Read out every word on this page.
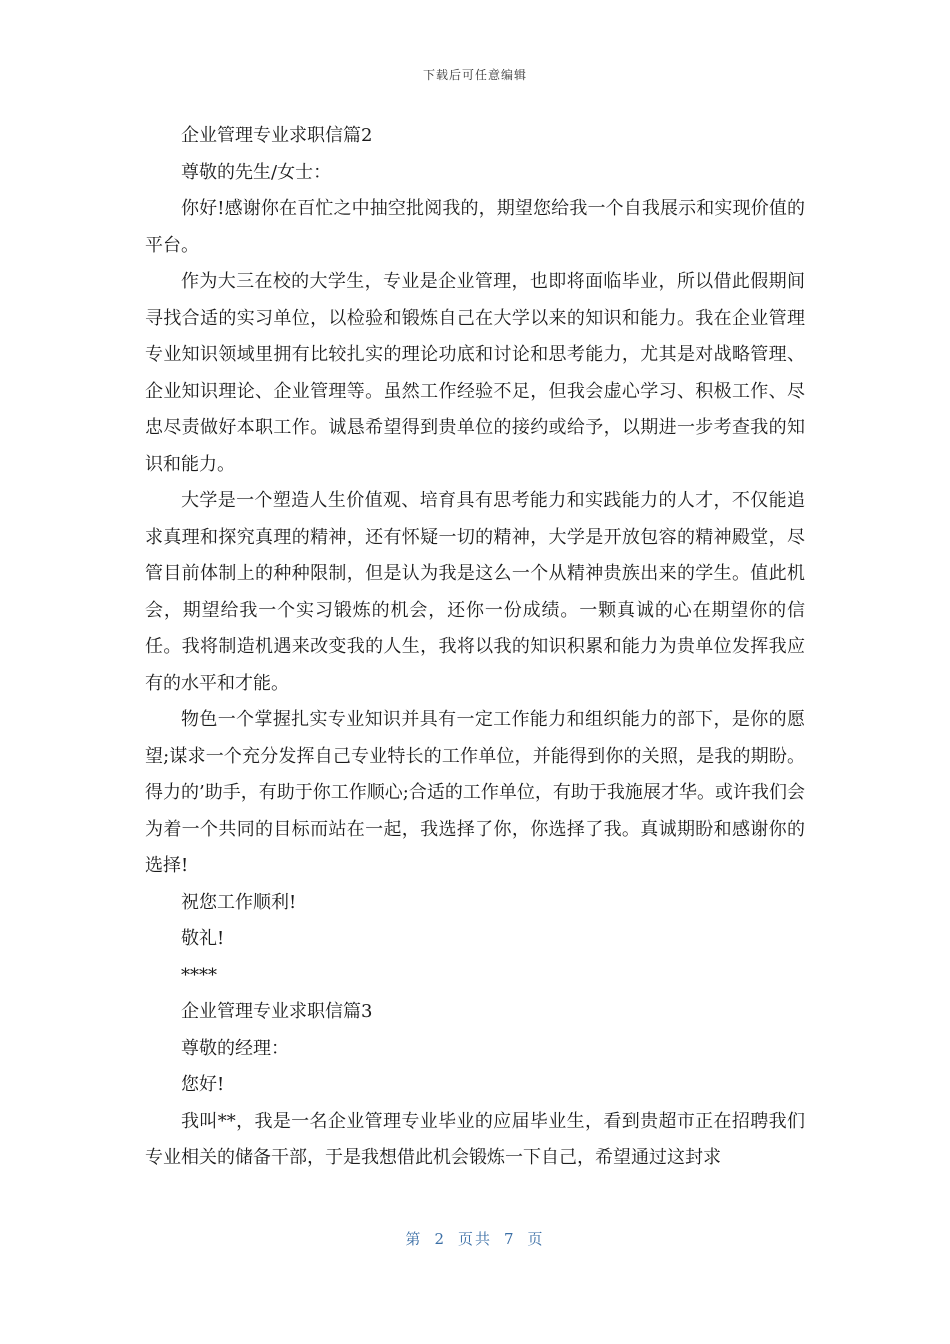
下载后可任意编辑

企业管理专业求职信篇2

尊敬的先生/女士：

你好!感谢你在百忙之中抽空批阅我的，期望您给我一个自我展示和实现价值的平台。

作为大三在校的大学生，专业是企业管理，也即将面临毕业，所以借此假期间寻找合适的实习单位，以检验和锻炼自己在大学以来的知识和能力。我在企业管理专业知识领域里拥有比较扎实的理论功底和讨论和思考能力，尤其是对战略管理、企业知识理论、企业管理等。虽然工作经验不足，但我会虚心学习、积极工作、尽忠尽责做好本职工作。诚恳希望得到贵单位的接约或给予，以期进一步考查我的知识和能力。

大学是一个塑造人生价值观、培育具有思考能力和实践能力的人才，不仅能追求真理和探究真理的精神，还有怀疑一切的精神，大学是开放包容的精神殿堂，尽管目前体制上的种种限制，但是认为我是这么一个从精神贵族出来的学生。值此机会，期望给我一个实习锻炼的机会，还你一份成绩。一颗真诚的心在期望你的信任。我将制造机遇来改变我的人生，我将以我的知识积累和能力为贵单位发挥我应有的水平和才能。

物色一个掌握扎实专业知识并具有一定工作能力和组织能力的部下，是你的愿望;谋求一个充分发挥自己专业特长的工作单位，并能得到你的关照，是我的期盼。得力的’助手，有助于你工作顺心;合适的工作单位，有助于我施展才华。或许我们会为着一个共同的目标而站在一起，我选择了你，你选择了我。真诚期盼和感谢你的选择!

祝您工作顺利!

敬礼!

****

企业管理专业求职信篇3

尊敬的经理：

您好!

我叫**，我是一名企业管理专业毕业的应届毕业生，看到贵超市正在招聘我们专业相关的储备干部，于是我想借此机会锻炼一下自己，希望通过这封求

第 2 页共 7 页
